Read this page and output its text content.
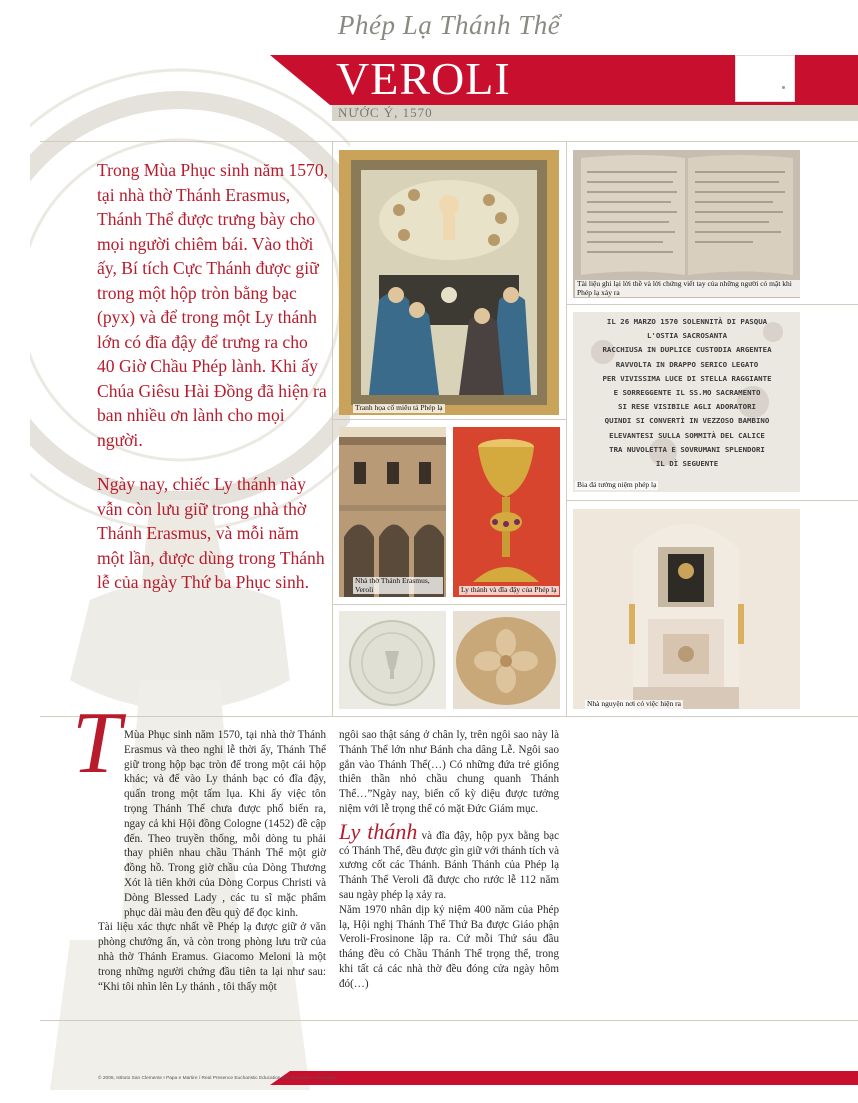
Phép Lạ Thánh Thể
VEROLI
NƯỚC Ý, 1570

Trong Mùa Phục sinh năm 1570, tại nhà thờ Thánh Erasmus, Thánh Thể được trưng bày cho mọi người chiêm bái. Vào thời ấy, Bí tích Cực Thánh được giữ trong một hộp tròn bằng bạc (pyx) và để trong một Ly thánh lớn có đĩa đậy để trưng ra cho 40 Giờ Chầu Phép lành. Khi ấy Chúa Giêsu Hài Đồng đã hiện ra ban nhiều ơn lành cho mọi người.

Ngày nay, chiếc Ly thánh này vẫn còn lưu giữ trong nhà thờ Thánh Erasmus, và mỗi năm một lần, được dùng trong Thánh lễ của ngày Thứ ba Phục sinh.

Tranh họa cổ miêu tả Phép lạ
Tài liệu ghi lại lời thề và lời chứng viết tay của những người có mặt khi Phép lạ xảy ra
IL 26 MARZO 1570 SOLENNITÀ DI PASQUA
L'OSTIA SACROSANTA
RACCHIUSA IN DUPLICE CUSTODIA ARGENTEA
RAVVOLTA IN DRAPPO SERICO LEGATO
PER VIVISSIMA LUCE DI STELLA RAGGIANTE
E SORREGGENTE IL SS.MO SACRAMENTO
SI RESE VISIBILE AGLI ADORATORI
QUINDI SI CONVERTÌ IN VEZZOSO BAMBINO
ELEVANTESI SULLA SOMMITÀ DEL CALICE
TRA NUVOLETTA E SOVRUMANI SPLENDORI
IL DÌ SEGUENTE
Bia đá tưởng niệm phép lạ
Nhà thờ Thánh Erasmus, Veroli	Ly thánh và đĩa đậy của Phép lạ
Nhà nguyện nơi có việc hiện ra
T Mùa Phục sinh năm 1570, tại nhà thờ Thánh Erasmus và theo nghi lễ thời ấy, Thánh Thể giữ trong hộp bạc tròn để trong một cái hộp khác; và để vào Ly thánh bạc có đĩa đậy, quấn trong một tấm lụa. Khi ấy việc tôn trọng Thánh Thể chưa được phổ biến ra, ngay cả khi Hội đồng Cologne (1452) đề cập đến. Theo truyền thống, mỗi dòng tu phải thay phiên nhau chầu Thánh Thể một giờ đồng hồ. Trong giờ chầu của Dòng Thương Xót là tiên khởi của Dòng Corpus Christi và Dòng Blessed Lady , các tu sĩ mặc phẩm phục dài màu đen đều quỳ để đọc kinh.

Tài liệu xác thực nhất về Phép lạ được giữ ở văn phòng chưởng ấn, và còn trong phòng lưu trữ của nhà thờ Thánh Eramus. Giacomo Meloni là một trong những người chứng đầu tiên ta lại như sau: “Khi tôi nhìn lên Ly thánh , tôi thấy một

ngôi sao thật sáng ở chân ly, trên ngôi sao này là Thánh Thể lớn như Bánh cha dâng Lễ. Ngôi sao gắn vào Thánh Thể(…) Có những đứa trẻ giống thiên thần nhỏ chầu chung quanh Thánh Thể…”Ngày nay, biến cố kỳ diệu được tưởng niệm với lễ trọng thể có mặt Đức Giám mục.

Ly thánh và đĩa đậy, hộp pyx bằng bạc có Thánh Thể, đều được gìn giữ với thánh tích và xương cốt các Thánh. Bánh Thánh của Phép lạ Thánh Thể Veroli đã được cho rước lễ 112 năm sau ngày phép lạ xảy ra.

Năm 1970 nhân dịp kỷ niệm 400 năm của Phép lạ, Hội nghị Thánh Thể Thứ Ba được Giáo phận Veroli-Frosinone lập ra. Cứ mỗi Thứ sáu đầu tháng đều có Chầu Thánh Thể trọng thể, trong khi tất cả các nhà thờ đều đóng cửa ngày hôm đó(…)

© 2006, Istituto San Clemente I Papa e Martire / Real Presence Eucharistic Education and Adoration Association
